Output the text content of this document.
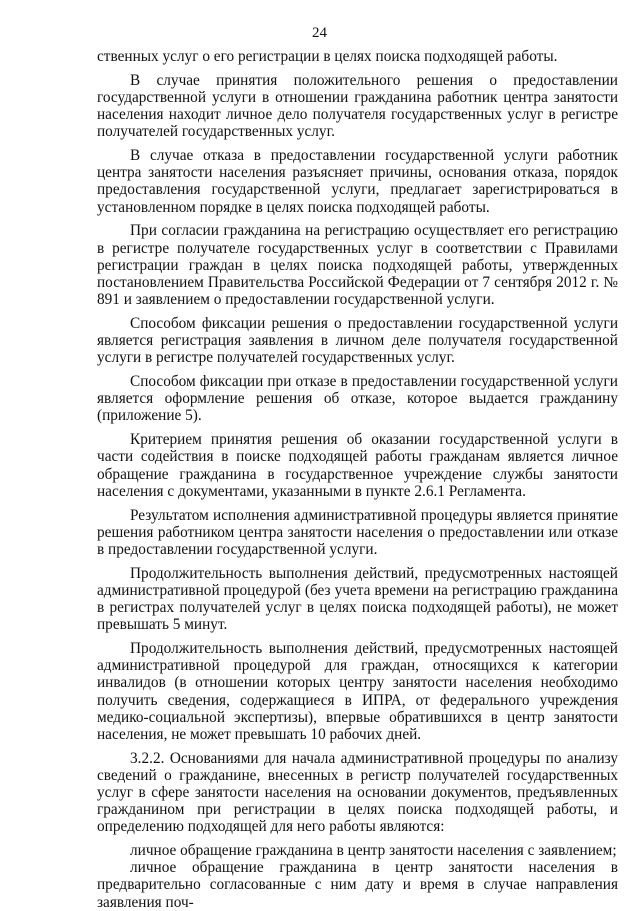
24

ственных услуг о его регистрации в целях поиска подходящей работы.

В случае принятия положительного решения о предоставлении государственной услуги в отношении гражданина работник центра занятости населения находит личное дело получателя государственных услуг в регистре получателей государственных услуг.

В случае отказа в предоставлении государственной услуги работник центра занятости населения разъясняет причины, основания отказа, порядок предоставления государственной услуги, предлагает зарегистрироваться в установленном порядке в целях поиска подходящей работы.

При согласии гражданина на регистрацию осуществляет его регистрацию в регистре получателе государственных услуг в соответствии с Правилами регистрации граждан в целях поиска подходящей работы, утвержденных постановлением Правительства Российской Федерации от 7 сентября 2012 г. № 891 и заявлением о предоставлении государственной услуги.

Способом фиксации решения о предоставлении государственной услуги является регистрация заявления в личном деле получателя государственной услуги в регистре получателей государственных услуг.

Способом фиксации при отказе в предоставлении государственной услуги является оформление решения об отказе, которое выдается гражданину (приложение 5).

Критерием принятия решения об оказании государственной услуги в части содействия в поиске подходящей работы гражданам является личное обращение гражданина в государственное учреждение службы занятости населения с документами, указанными в пункте 2.6.1 Регламента.

Результатом исполнения административной процедуры является принятие решения работником центра занятости населения о предоставлении или отказе в предоставлении государственной услуги.

Продолжительность выполнения действий, предусмотренных настоящей административной процедурой (без учета времени на регистрацию гражданина в регистрах получателей услуг в целях поиска подходящей работы), не может превышать 5 минут.

Продолжительность выполнения действий, предусмотренных настоящей административной процедурой для граждан, относящихся к категории инвалидов (в отношении которых центру занятости населения необходимо получить сведения, содержащиеся в ИПРА, от федерального учреждения медико-социальной экспертизы), впервые обратившихся в центр занятости населения, не может превышать 10 рабочих дней.

3.2.2. Основаниями для начала административной процедуры по анализу сведений о гражданине, внесенных в регистр получателей государственных услуг в сфере занятости населения на основании документов, предъявленных гражданином при регистрации в целях поиска подходящей работы, и определению подходящей для него работы являются:

личное обращение гражданина в центр занятости населения с заявлением;

личное обращение гражданина в центр занятости населения в предварительно согласованные с ним дату и время в случае направления заявления поч-
